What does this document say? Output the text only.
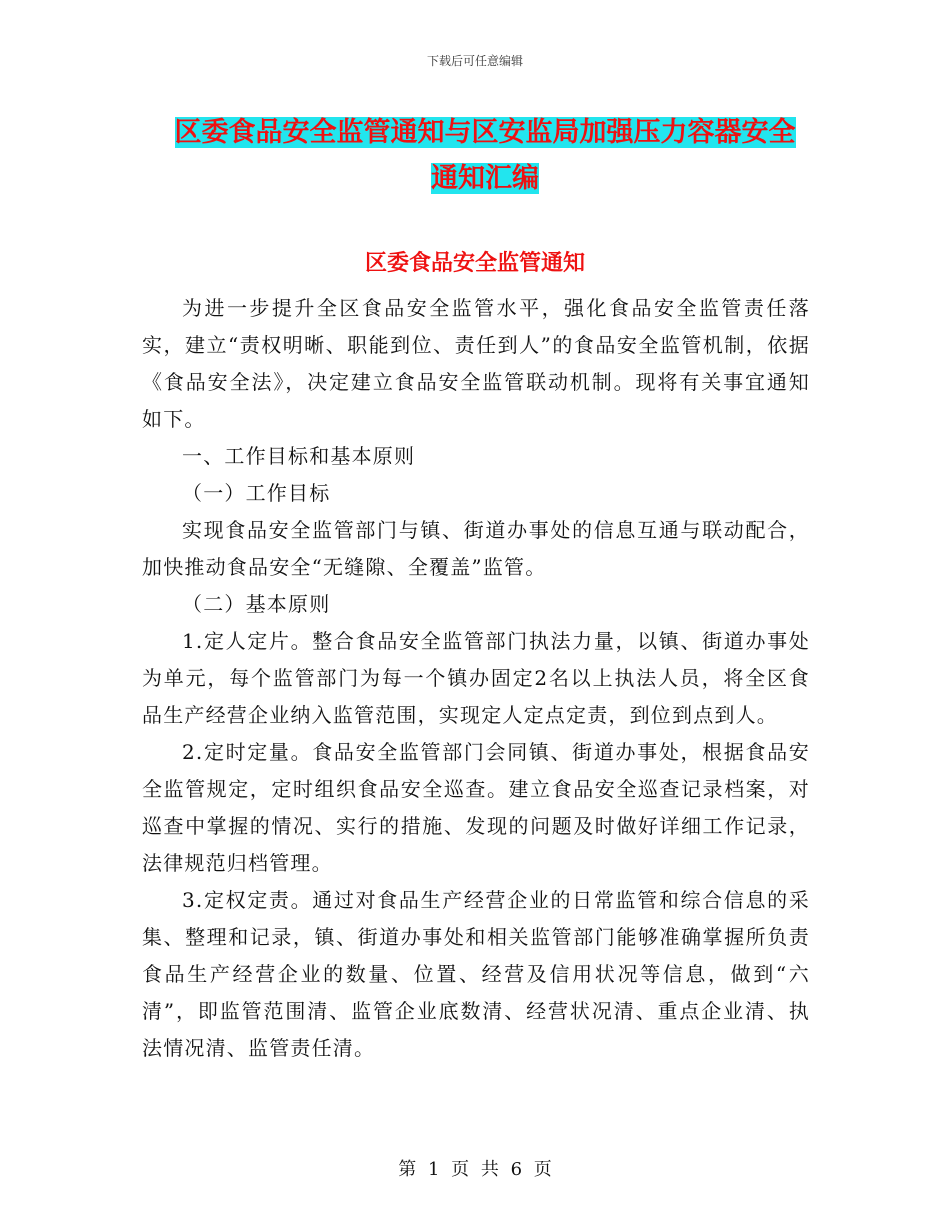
下载后可任意编辑
区委食品安全监管通知与区安监局加强压力容器安全
通知汇编
区委食品安全监管通知

为进一步提升全区食品安全监管水平，强化食品安全监管责任落实，建立“责权明晰、职能到位、责任到人”的食品安全监管机制，依据《食品安全法》，决定建立食品安全监管联动机制。现将有关事宜通知如下。

一、工作目标和基本原则

（一）工作目标

实现食品安全监管部门与镇、街道办事处的信息互通与联动配合，加快推动食品安全“无缝隙、全覆盖”监管。

（二）基本原则

1.定人定片。整合食品安全监管部门执法力量，以镇、街道办事处为单元，每个监管部门为每一个镇办固定2名以上执法人员，将全区食品生产经营企业纳入监管范围，实现定人定点定责，到位到点到人。

2.定时定量。食品安全监管部门会同镇、街道办事处，根据食品安全监管规定，定时组织食品安全巡查。建立食品安全巡查记录档案，对巡查中掌握的情况、实行的措施、发现的问题及时做好详细工作记录，法律规范归档管理。

3.定权定责。通过对食品生产经营企业的日常监管和综合信息的采集、整理和记录，镇、街道办事处和相关监管部门能够准确掌握所负责食品生产经营企业的数量、位置、经营及信用状况等信息，做到“六清”，即监管范围清、监管企业底数清、经营状况清、重点企业清、执法情况清、监管责任清。

第 1 页 共 6 页
